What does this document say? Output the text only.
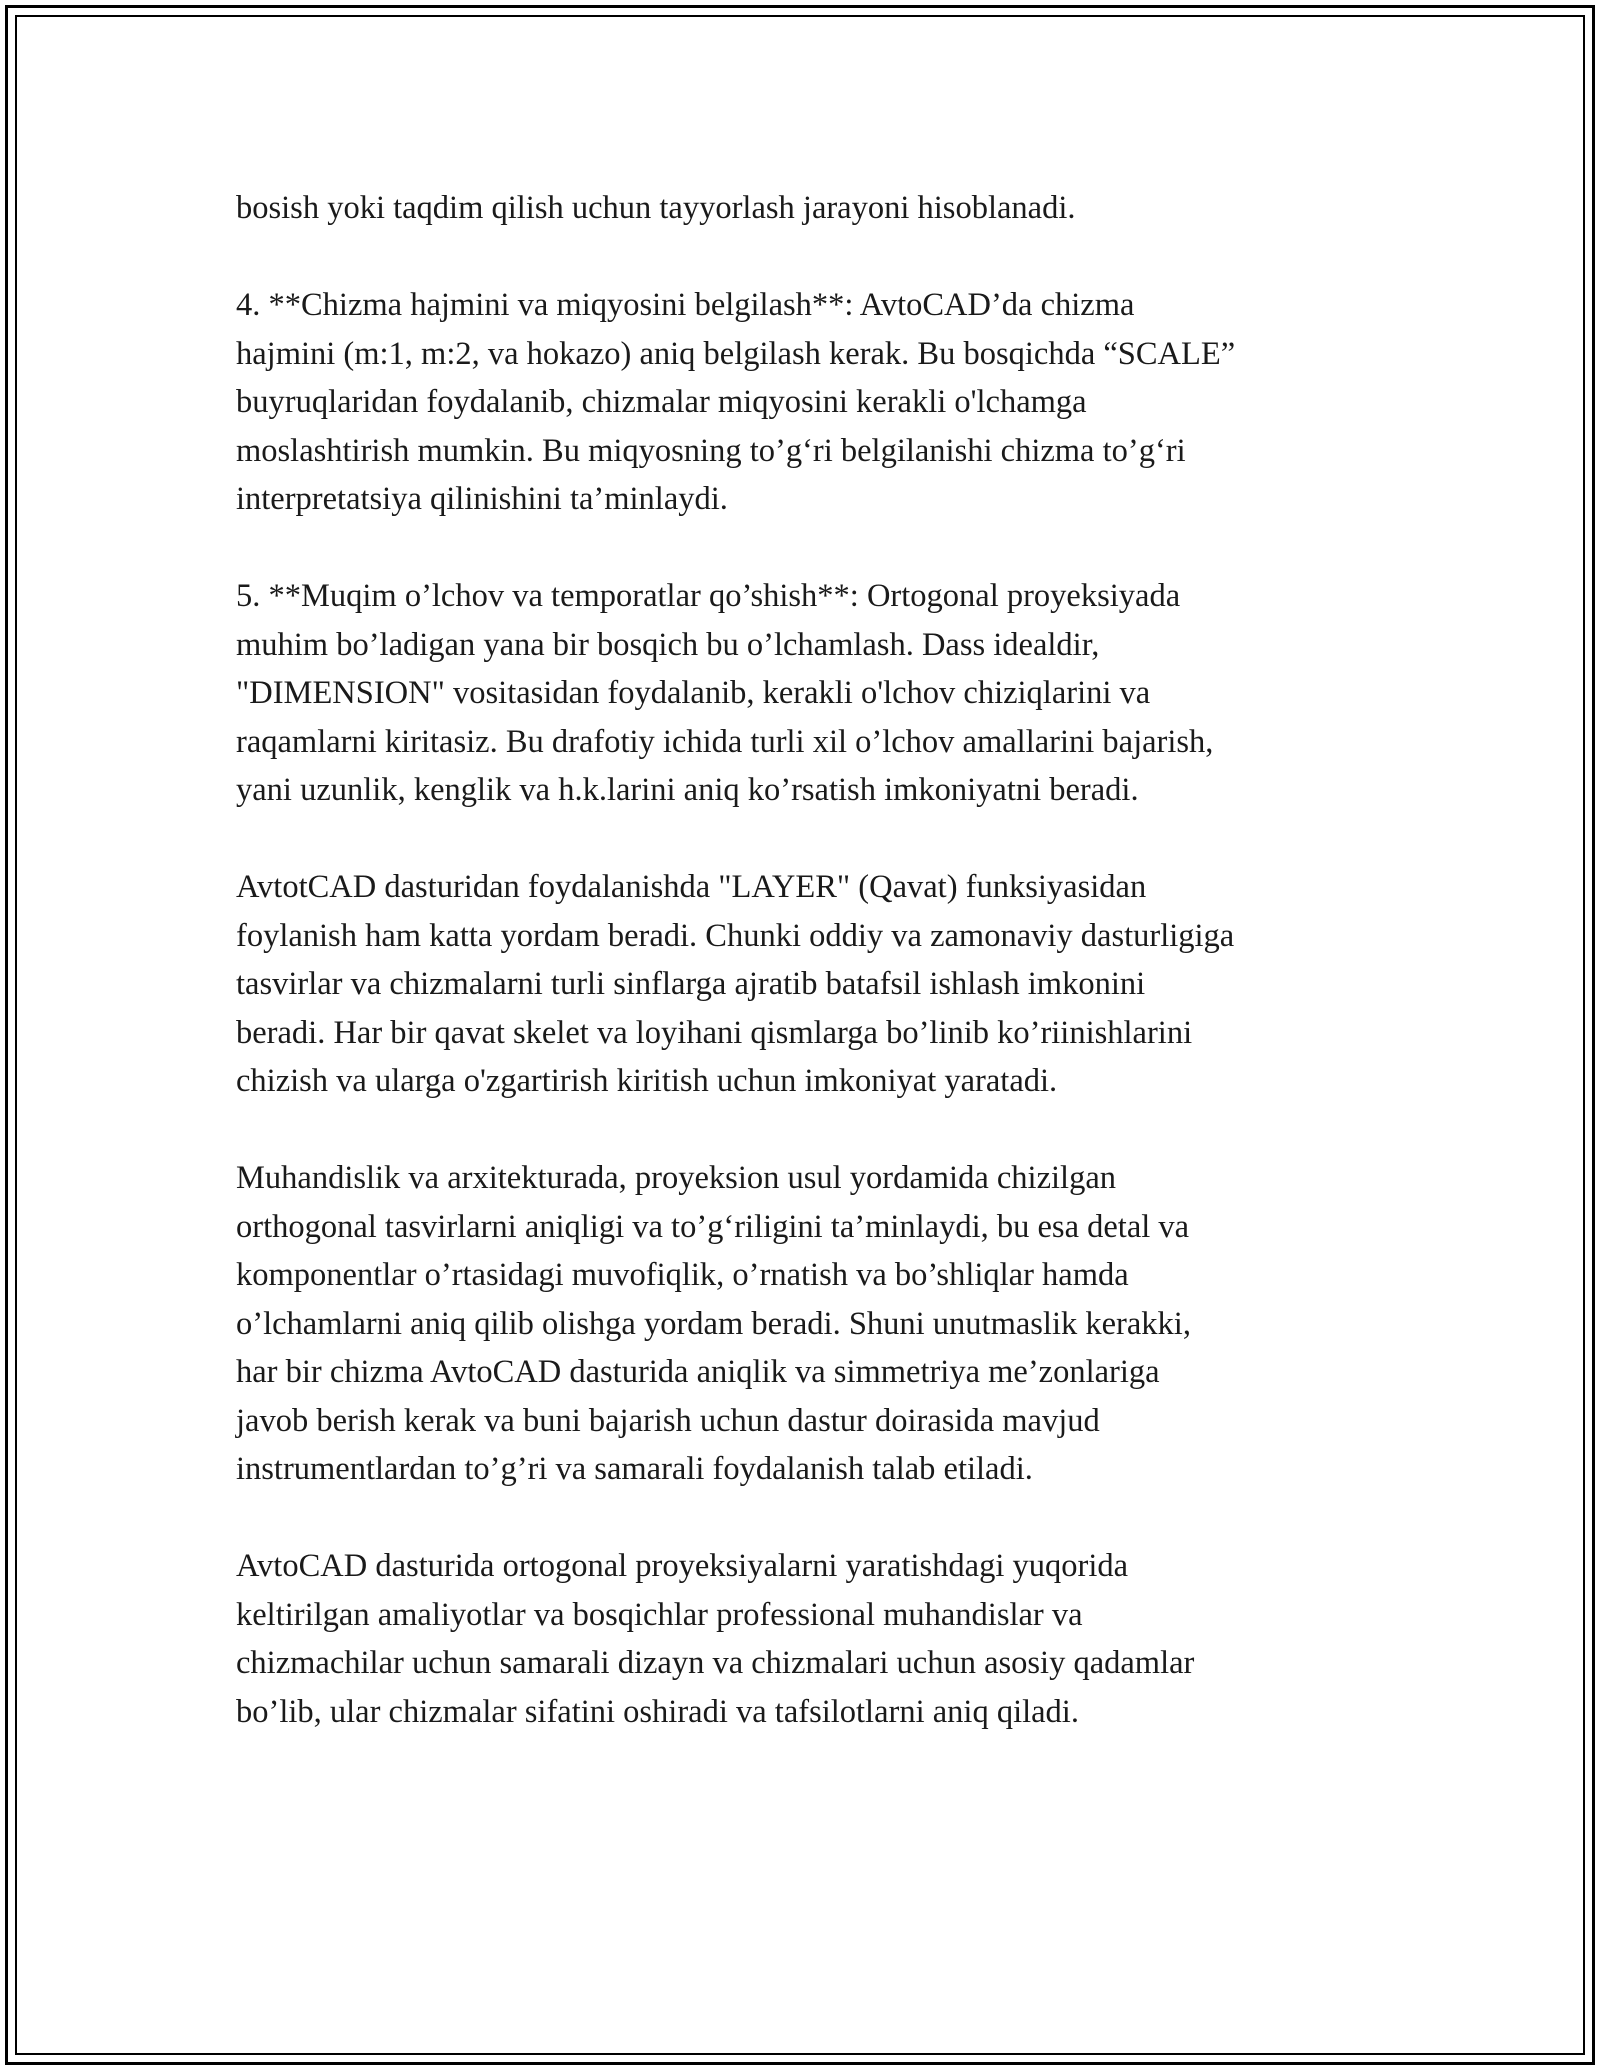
bosish yoki taqdim qilish uchun tayyorlash jarayoni hisoblanadi.

4. **Chizma hajmini va miqyosini belgilash**: AvtoCAD’da chizma
hajmini (m:1, m:2, va hokazo) aniq belgilash kerak. Bu bosqichda “SCALE”
buyruqlaridan foydalanib, chizmalar miqyosini kerakli o'lchamga
moslashtirish mumkin. Bu miqyosning to’g‘ri belgilanishi chizma to’g‘ri
interpretatsiya qilinishini ta’minlaydi.

5. **Muqim o’lchov va temporatlar qo’shish**: Ortogonal proyeksiyada
muhim bo’ladigan yana bir bosqich bu o’lchamlash. Dass idealdir,
"DIMENSION" vositasidan foydalanib, kerakli o'lchov chiziqlarini va
raqamlarni kiritasiz. Bu drafotiy ichida turli xil o’lchov amallarini bajarish,
yani uzunlik, kenglik va h.k.larini aniq ko’rsatish imkoniyatni beradi.

AvtotCAD dasturidan foydalanishda "LAYER" (Qavat) funksiyasidan
foylanish ham katta yordam beradi. Chunki oddiy va zamonaviy dasturligiga
tasvirlar va chizmalarni turli sinflarga ajratib batafsil ishlash imkonini
beradi. Har bir qavat skelet va loyihani qismlarga bo’linib ko’riinishlarini
chizish va ularga o'zgartirish kiritish uchun imkoniyat yaratadi.

Muhandislik va arxitekturada, proyeksion usul yordamida chizilgan
orthogonal tasvirlarni aniqligi va to’g‘riligini ta’minlaydi, bu esa detal va
komponentlar o’rtasidagi muvofiqlik, o’rnatish va bo’shliqlar hamda
o’lchamlarni aniq qilib olishga yordam beradi. Shuni unutmaslik kerakki,
har bir chizma AvtoCAD dasturida aniqlik va simmetriya me’zonlariga
javob berish kerak va buni bajarish uchun dastur doirasida mavjud
instrumentlardan to’g’ri va samarali foydalanish talab etiladi.

AvtoCAD dasturida ortogonal proyeksiyalarni yaratishdagi yuqorida
keltirilgan amaliyotlar va bosqichlar professional muhandislar va
chizmachilar uchun samarali dizayn va chizmalari uchun asosiy qadamlar
bo’lib, ular chizmalar sifatini oshiradi va tafsilotlarni aniq qiladi.
